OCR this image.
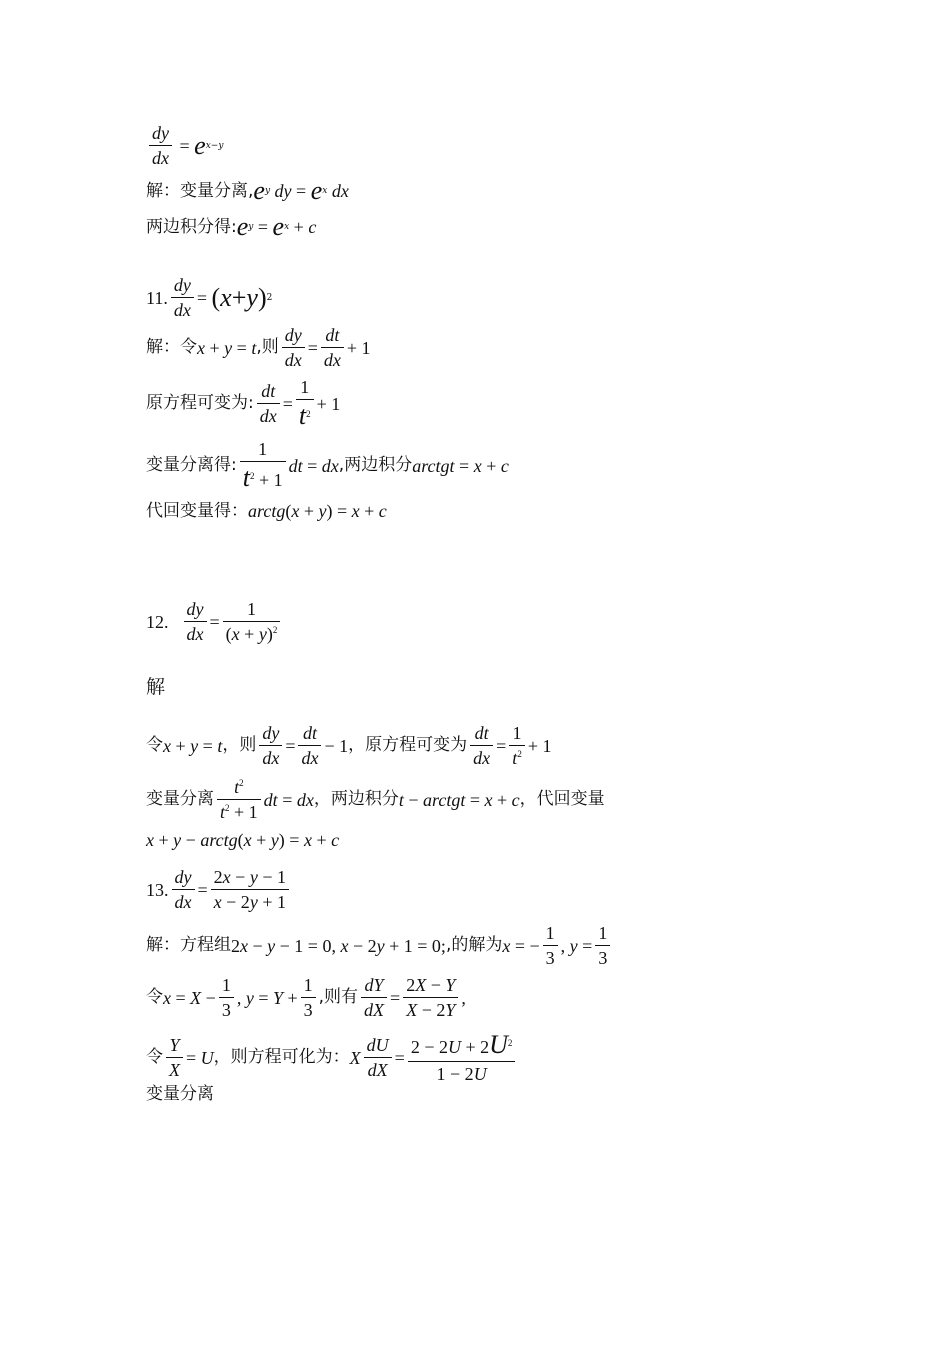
$\frac{dy}{dx} = e$ x−y
解：变量分离, e y dy = e x dx
两边积分得: e y = e x + c
11. $\frac{dy}{dx}$ = ( x + y ) 2
解：令 x + y = t ,则 $\frac{dy}{dx} = \frac{dt}{dx} + 1$
原方程可变为: $\frac{dt}{dx} = \frac{1}{t^2} + 1$
变量分离得: $\frac{1}{t^2 + 1}$ dt = dx ,两边积分 arctgt = x + c
代回变量得： arctg ( x + y ) = x + c
12. $\frac{dy}{dx} = \frac{1}{(x + y)^2}$
解
令 x + y = t ，则 $\frac{dy}{dx} = \frac{dt}{dx} - 1$ ，原方程可变为 $\frac{dt}{dx} = \frac{1}{t^2} + 1$
变量分离 $\frac{t^2}{t^2 + 1}$ dt = dx ，两边积分 t − arctgt = x + c ，代回变量
x + y − arctg ( x + y ) = x + c
13. $\frac{dy}{dx} = \frac{2x - y - 1}{x - 2y + 1}$
解：方程组 2x − y − 1 = 0, x − 2y + 1 = 0; ,的解为 x = − $\frac{1}{3}$ , $y = \frac{1}{3}$
令 $x = X - \frac{1}{3}$ , $y = Y + \frac{1}{3}$ ,则有 $\frac{dY}{dX} = \frac{2X - Y}{X - 2Y}$ ,
令 $\frac{Y}{X} = U$ ，则方程可化为： X $\frac{dU}{dX} = \frac{2 - 2U + 2U^2}{1 - 2U}$
变量分离
